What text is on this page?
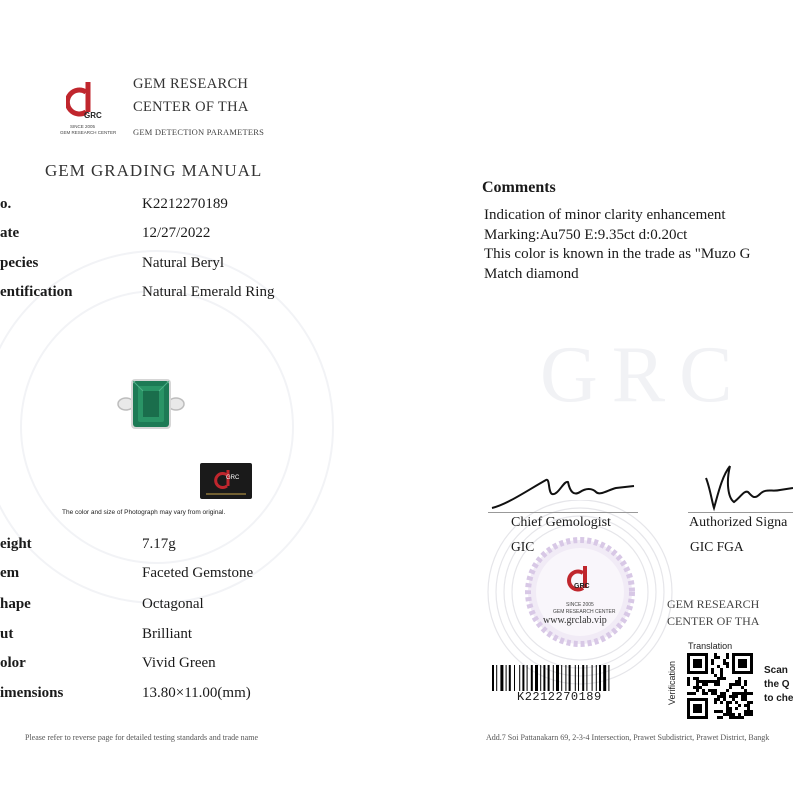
GRC
GRC
SINCE 2005
GEM RESEARCH CENTER
GEM RESEARCH
CENTER OF THA
GEM DETECTION PARAMETERS
GEM GRADING MANUAL
o.	K2212270189
ate	12/27/2022
pecies	Natural Beryl
entification	Natural Emerald Ring
GRC
The color and size of Photograph may vary from original.
eight	7.17g
em	Faceted Gemstone
hape	Octagonal
ut	Brilliant
olor	Vivid Green
imensions	13.80×11.00(mm)
Please refer to reverse page for detailed testing standards and trade name
Comments
Indication of minor clarity enhancement
Marking:Au750 E:9.35ct d:0.20ct
This color is known in the trade as "Muzo G
Match diamond
GRC
SINCE 2005
GEM RESEARCH CENTER
www.grclab.vip
Chief Gemologist
GIC
Authorized Signa
GIC FGA
GEM RESEARCH
CENTER OF THA
K2212270189
Translation
Verification	Scan
the Q
to che
Add.7 Soi Pattanakarn 69, 2-3-4 Intersection, Prawet Subdistrict, Prawet District, Bangk
